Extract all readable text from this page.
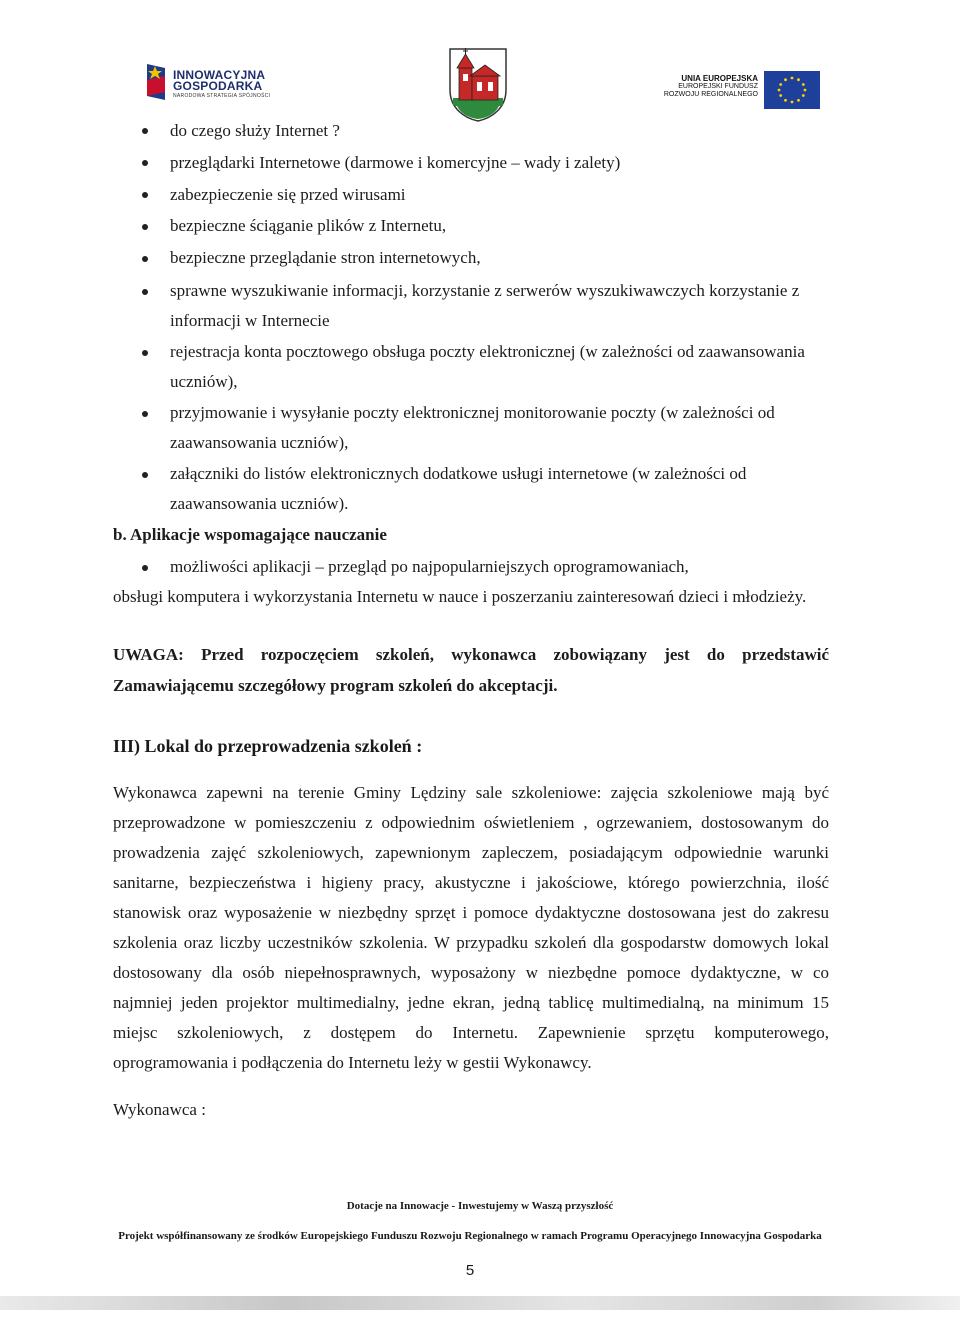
INNOWACYJNA
GOSPODARKA
NARODOWA STRATEGIA SPÓJNOŚCI
UNIA EUROPEJSKA
EUROPEJSKI FUNDUSZ
ROZWOJU REGIONALNEGO
do czego służy Internet ?
przeglądarki Internetowe (darmowe i komercyjne – wady i zalety)
zabezpieczenie się przed wirusami
bezpieczne ściąganie plików z Internetu,
bezpieczne przeglądanie stron internetowych,
sprawne wyszukiwanie informacji, korzystanie z serwerów wyszukiwawczych korzystanie z
informacji w Internecie
rejestracja konta pocztowego obsługa poczty elektronicznej (w zależności od zaawansowania
uczniów),
przyjmowanie i wysyłanie poczty elektronicznej monitorowanie poczty (w zależności od
zaawansowania uczniów),
załączniki do listów elektronicznych dodatkowe usługi internetowe (w zależności od
zaawansowania uczniów).
b. Aplikacje wspomagające nauczanie
możliwości aplikacji – przegląd po najpopularniejszych oprogramowaniach,
obsługi komputera i wykorzystania Internetu w nauce i poszerzaniu zainteresowań dzieci i młodzieży.
UWAGA: Przed rozpoczęciem szkoleń, wykonawca zobowiązany jest do przedstawić
Zamawiającemu szczegółowy program szkoleń do akceptacji.
III) Lokal do przeprowadzenia szkoleń :
Wykonawca zapewni na terenie Gminy Lędziny sale szkoleniowe: zajęcia szkoleniowe mają być
przeprowadzone w pomieszczeniu z odpowiednim oświetleniem , ogrzewaniem, dostosowanym do
prowadzenia zajęć szkoleniowych, zapewnionym zapleczem, posiadającym odpowiednie warunki
sanitarne, bezpieczeństwa i higieny pracy, akustyczne i jakościowe, którego powierzchnia, ilość
stanowisk oraz wyposażenie w niezbędny sprzęt i pomoce dydaktyczne dostosowana jest do zakresu
szkolenia oraz liczby uczestników szkolenia. W przypadku szkoleń dla gospodarstw domowych lokal
dostosowany dla osób niepełnosprawnych, wyposażony w niezbędne pomoce dydaktyczne, w co
najmniej jeden projektor multimedialny, jedne ekran, jedną tablicę multimedialną, na minimum 15
miejsc szkoleniowych, z dostępem do Internetu. Zapewnienie sprzętu komputerowego,
oprogramowania i podłączenia do Internetu leży w gestii Wykonawcy.
Wykonawca :
Dotacje na Innowacje - Inwestujemy w Waszą przyszłość
Projekt współfinansowany ze środków Europejskiego Funduszu Rozwoju Regionalnego w ramach Programu Operacyjnego Innowacyjna Gospodarka
5
